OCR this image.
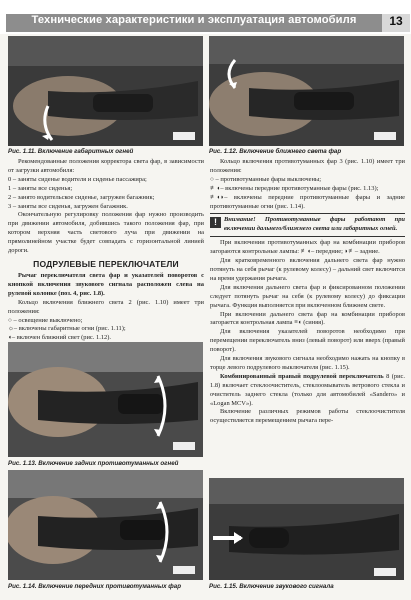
Технические характеристики и эксплуатация автомобиля	13
Рис. 1.11. Включение габаритных огней	Рис. 1.12. Включение ближнего света фар

Рекомендованные положения корректора света фар, в зависимости от загрузки автомобиля:

0 – заняты сиденье водителя и сиденье пассажира;

1 – заняты все сиденья;

2 – занято водительское сиденье, загружен багажник;

3 – заняты все сиденья, загружен багажник.

Окончательную регулировку положения фар нужно производить при движении автомобиля, добившись такого положения фар, при котором верхняя часть светового луча при движении на прямолинейном участке будет совпадать с горизонтальной линией дороги.

ПОДРУЛЕВЫЕ ПЕРЕКЛЮЧАТЕЛИ

Рычаг переключателя света фар и указателей поворотов с кнопкой включения звукового сигнала расположен слева на рулевой колонке (поз. 4, рис. 1.8).

Кольцо включения ближнего света 2 (рис. 1.10) имеет три положения:

○ – освещение выключено;

☼– включены габаритные огни (рис. 1.11);

◖– включен ближний свет (рис. 1.12).

Кольцо включения противотуманных фар 3 (рис. 1.10) имеет три положения:

○ – противотуманные фары выключены;

≢◖– включены передние противотуманные фары (рис. 1.13);

≢◖◗– включены передние противотуманные фары и задние противотуманные огни (рис. 1.14).

!	Внимание! Противотуманные фары работают при включении дальнего/ближнего света или габаритных огней.

При включении противотуманных фар на комбинации приборов загораются контрольные лампы: ≢◖– передние; ◗≢– задние.

Для кратковременного включения дальнего света фар нужно потянуть на себя рычаг (к рулевому колесу) – дальний свет включится на время удержания рычага.

Для включения дальнего света фар и фиксированном положении следует потянуть рычаг на себя (к рулевому колесу) до фиксации рычага. Функция выполняется при включенном ближнем свете.

При включении дальнего света фар на комбинации приборов загорается контрольная лампа ≡◖ (синяя).

Для включения указателей поворотов необходимо при перемещении переключатель вниз (левый поворот) или вверх (правый поворот).

Для включения звукового сигнала необходимо нажать на кнопку в торце левого подрулевого выключателя (рис. 1.15).

Комбинированный правый подрулевой переключатель 8 (рис. 1.8) включает стеклоочиститель, стеклоомыватель ветрового стекла и очиститель заднего стекла (только для автомобилей «Sandero» и «Logan MCV»).

Включение различных режимов работы стеклоочистителя осуществляется перемещением рычага пере-

Рис. 1.13. Включение задних противотуманных огней
Рис. 1.14. Включение передних противотуманных фар	Рис. 1.15. Включение звукового сигнала
